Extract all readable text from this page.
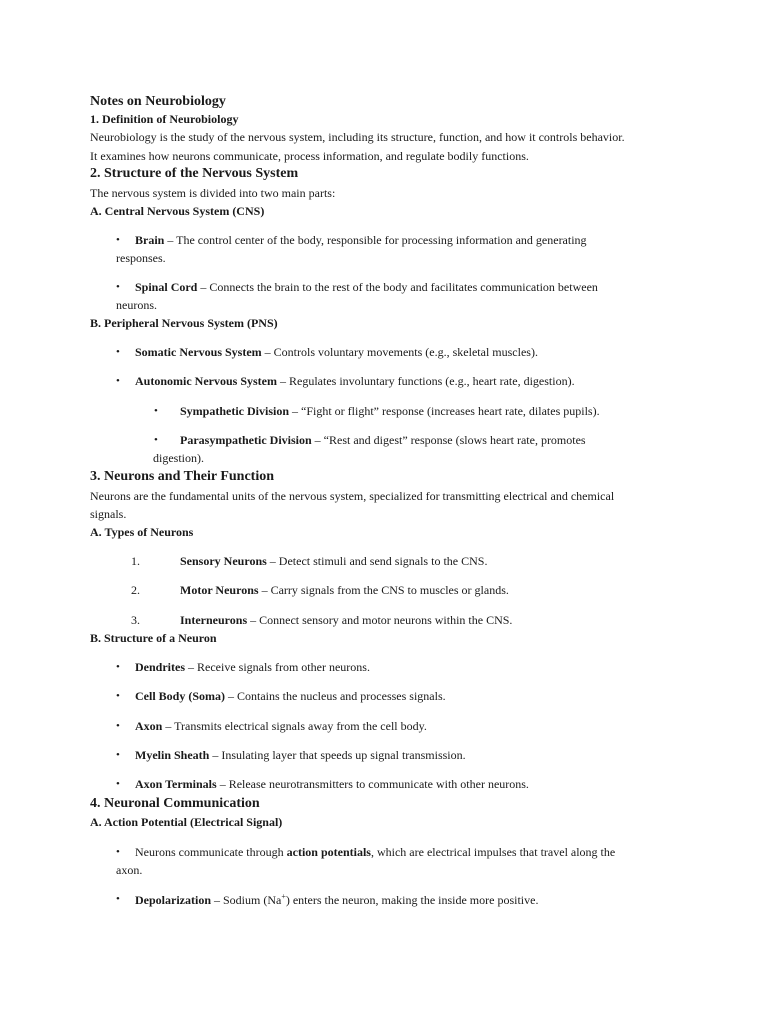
Notes on Neurobiology
1. Definition of Neurobiology
Neurobiology is the study of the nervous system, including its structure, function, and how it controls behavior.
It examines how neurons communicate, process information, and regulate bodily functions.
2. Structure of the Nervous System
The nervous system is divided into two main parts:
A. Central Nervous System (CNS)
• Brain – The control center of the body, responsible for processing information and generating
responses.
• Spinal Cord – Connects the brain to the rest of the body and facilitates communication between
neurons.
B. Peripheral Nervous System (PNS)
• Somatic Nervous System – Controls voluntary movements (e.g., skeletal muscles).
• Autonomic Nervous System – Regulates involuntary functions (e.g., heart rate, digestion).
• Sympathetic Division – “Fight or flight” response (increases heart rate, dilates pupils).
• Parasympathetic Division – “Rest and digest” response (slows heart rate, promotes
digestion).
3. Neurons and Their Function
Neurons are the fundamental units of the nervous system, specialized for transmitting electrical and chemical
signals.
A. Types of Neurons
1.	Sensory Neurons – Detect stimuli and send signals to the CNS.
2.	Motor Neurons – Carry signals from the CNS to muscles or glands.
3.	Interneurons – Connect sensory and motor neurons within the CNS.
B. Structure of a Neuron
• Dendrites – Receive signals from other neurons.
• Cell Body (Soma) – Contains the nucleus and processes signals.
• Axon – Transmits electrical signals away from the cell body.
• Myelin Sheath – Insulating layer that speeds up signal transmission.
• Axon Terminals – Release neurotransmitters to communicate with other neurons.
4. Neuronal Communication
A. Action Potential (Electrical Signal)
• Neurons communicate through action potentials, which are electrical impulses that travel along the
axon.
• Depolarization – Sodium (Na+) enters the neuron, making the inside more positive.
